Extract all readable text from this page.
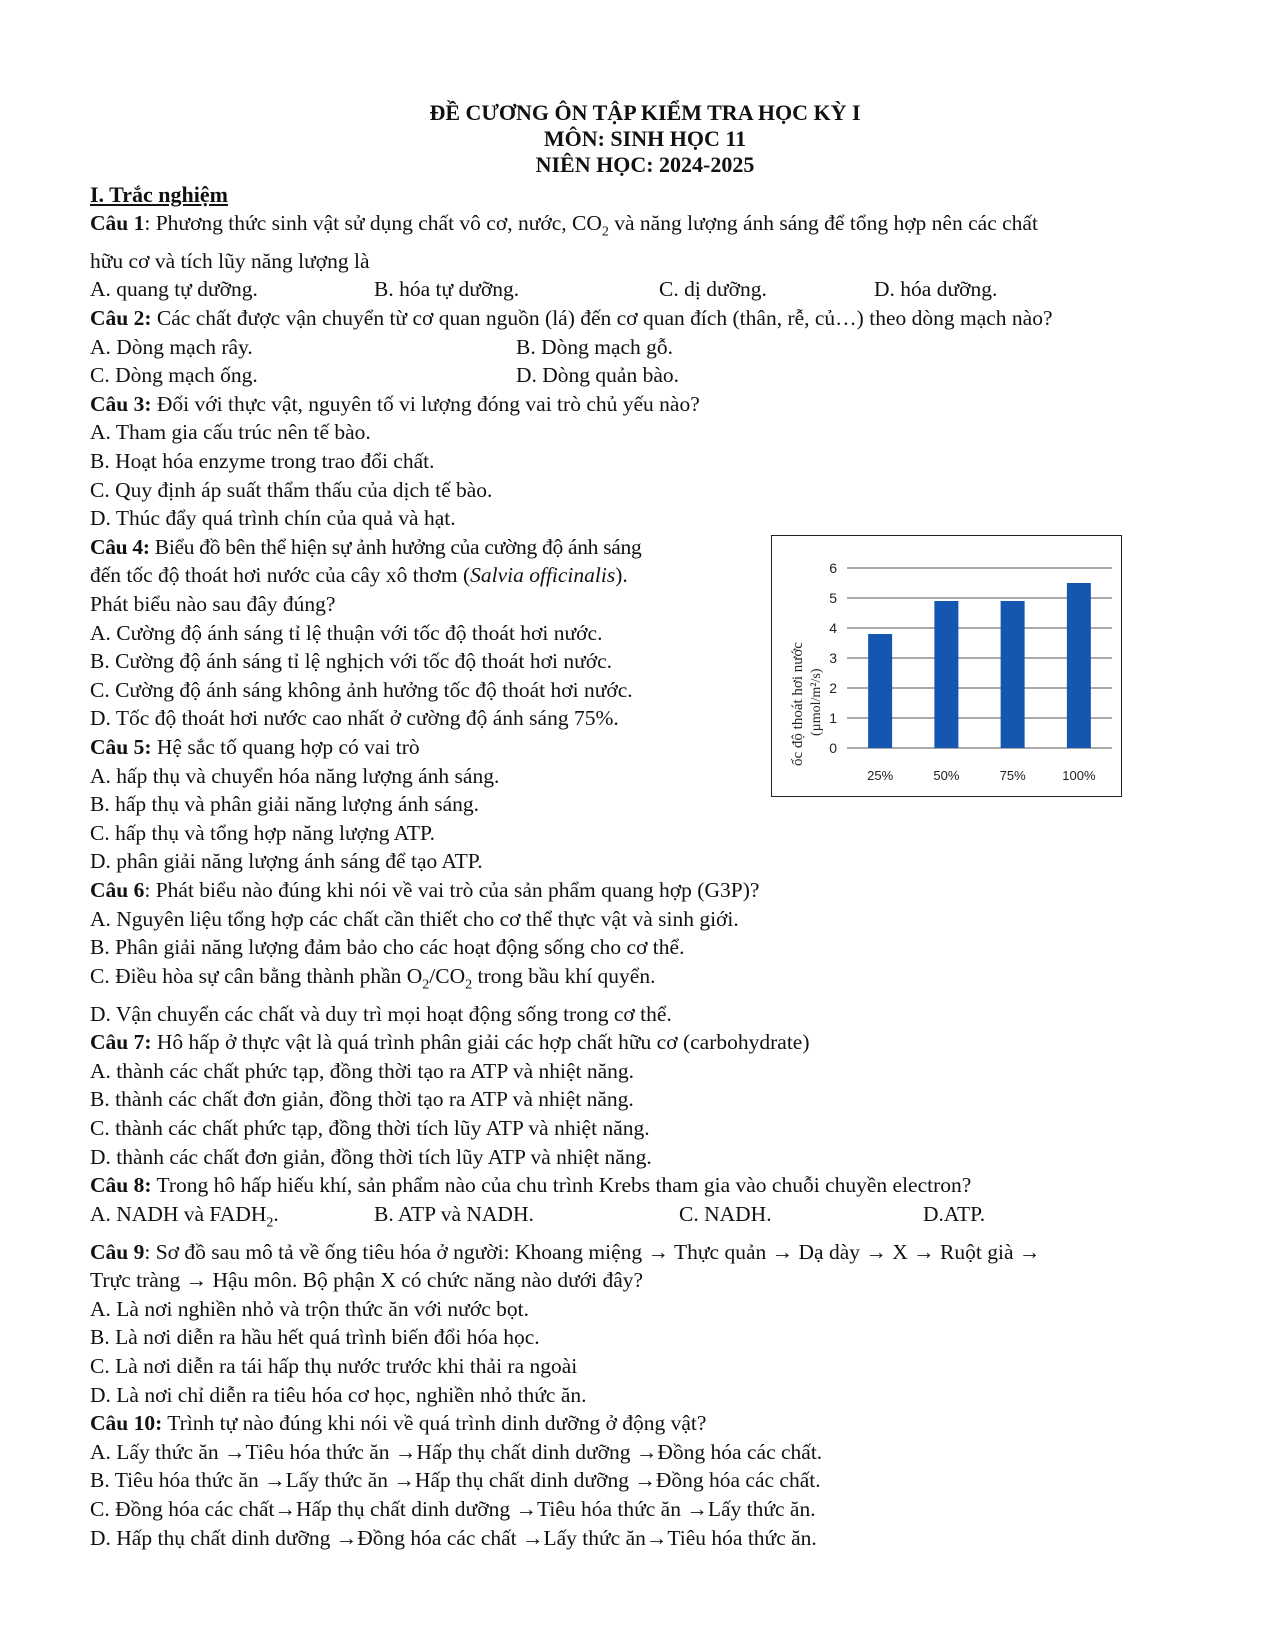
ĐỀ CƯƠNG ÔN TẬP KIỂM TRA HỌC KỲ I
MÔN: SINH HỌC 11
NIÊN HỌC: 2024-2025
I. Trắc nghiệm
Câu 1: Phương thức sinh vật sử dụng chất vô cơ, nước, $CO_2$ và năng lượng ánh sáng để tổng hợp nên các chất
hữu cơ và tích lũy năng lượng là
A. quang tự dưỡng.	B. hóa tự dưỡng.	C. dị dưỡng.	D. hóa dưỡng.
Câu 2: Các chất được vận chuyển từ cơ quan nguồn (lá) đến cơ quan đích (thân, rễ, củ…) theo dòng mạch nào?
A. Dòng mạch rây.	B. Dòng mạch gỗ.
C. Dòng mạch ống.	D. Dòng quản bào.
Câu 3: Đối với thực vật, nguyên tố vi lượng đóng vai trò chủ yếu nào?
A. Tham gia cấu trúc nên tế bào.
B. Hoạt hóa enzyme trong trao đổi chất.
C. Quy định áp suất thẩm thấu của dịch tế bào.
D. Thúc đẩy quá trình chín của quả và hạt.
Câu 4: Biểu đồ bên thể hiện sự ảnh hưởng của cường độ ánh sáng
đến tốc độ thoát hơi nước của cây xô thơm (Salvia officinalis).
Phát biểu nào sau đây đúng?
A. Cường độ ánh sáng tỉ lệ thuận với tốc độ thoát hơi nước.
B. Cường độ ánh sáng tỉ lệ nghịch với tốc độ thoát hơi nước.
C. Cường độ ánh sáng không ảnh hưởng tốc độ thoát hơi nước.
D. Tốc độ thoát hơi nước cao nhất ở cường độ ánh sáng 75%.
Câu 5: Hệ sắc tố quang hợp có vai trò
A. hấp thụ và chuyển hóa năng lượng ánh sáng.
B. hấp thụ và phân giải năng lượng ánh sáng.
C. hấp thụ và tổng hợp năng lượng ATP.
D. phân giải năng lượng ánh sáng để tạo ATP.
Câu 6: Phát biểu nào đúng khi nói về vai trò của sản phẩm quang hợp (G3P)?
A. Nguyên liệu tổng hợp các chất cần thiết cho cơ thể thực vật và sinh giới.
B. Phân giải năng lượng đảm bảo cho các hoạt động sống cho cơ thể.
C. Điều hòa sự cân bằng thành phần $O_2/CO_2$ trong bầu khí quyển.
D. Vận chuyển các chất và duy trì mọi hoạt động sống trong cơ thể.
Câu 7: Hô hấp ở thực vật là quá trình phân giải các hợp chất hữu cơ (carbohydrate)
A. thành các chất phức tạp, đồng thời tạo ra ATP và nhiệt năng.
B. thành các chất đơn giản, đồng thời tạo ra ATP và nhiệt năng.
C. thành các chất phức tạp, đồng thời tích lũy ATP và nhiệt năng.
D. thành các chất đơn giản, đồng thời tích lũy ATP và nhiệt năng.
Câu 8: Trong hô hấp hiếu khí, sản phẩm nào của chu trình Krebs tham gia vào chuỗi chuyền electron?
A. NADH và $FADH_2$.	B. ATP và NADH.	C. NADH.	D.ATP.
Câu 9: Sơ đồ sau mô tả về ống tiêu hóa ở người: Khoang miệng → Thực quản → Dạ dày → X → Ruột già →
Trực tràng → Hậu môn. Bộ phận X có chức năng nào dưới đây?
A. Là nơi nghiền nhỏ và trộn thức ăn với nước bọt.
B. Là nơi diễn ra hầu hết quá trình biến đổi hóa học.
C. Là nơi diễn ra tái hấp thụ nước trước khi thải ra ngoài
D. Là nơi chỉ diễn ra tiêu hóa cơ học, nghiền nhỏ thức ăn.
Câu 10: Trình tự nào đúng khi nói về quá trình dinh dưỡng ở động vật?
A. Lấy thức ăn →Tiêu hóa thức ăn →Hấp thụ chất dinh dưỡng →Đồng hóa các chất.
B. Tiêu hóa thức ăn →Lấy thức ăn →Hấp thụ chất dinh dưỡng →Đồng hóa các chất.
C. Đồng hóa các chất→Hấp thụ chất dinh dưỡng →Tiêu hóa thức ăn →Lấy thức ăn.
D. Hấp thụ chất dinh dưỡng →Đồng hóa các chất →Lấy thức ăn→Tiêu hóa thức ăn.
0
1
2
3
4
5
6
25%	50%	75%	100%
ốc độ thoát hơi nước (µmol/m²/s)
